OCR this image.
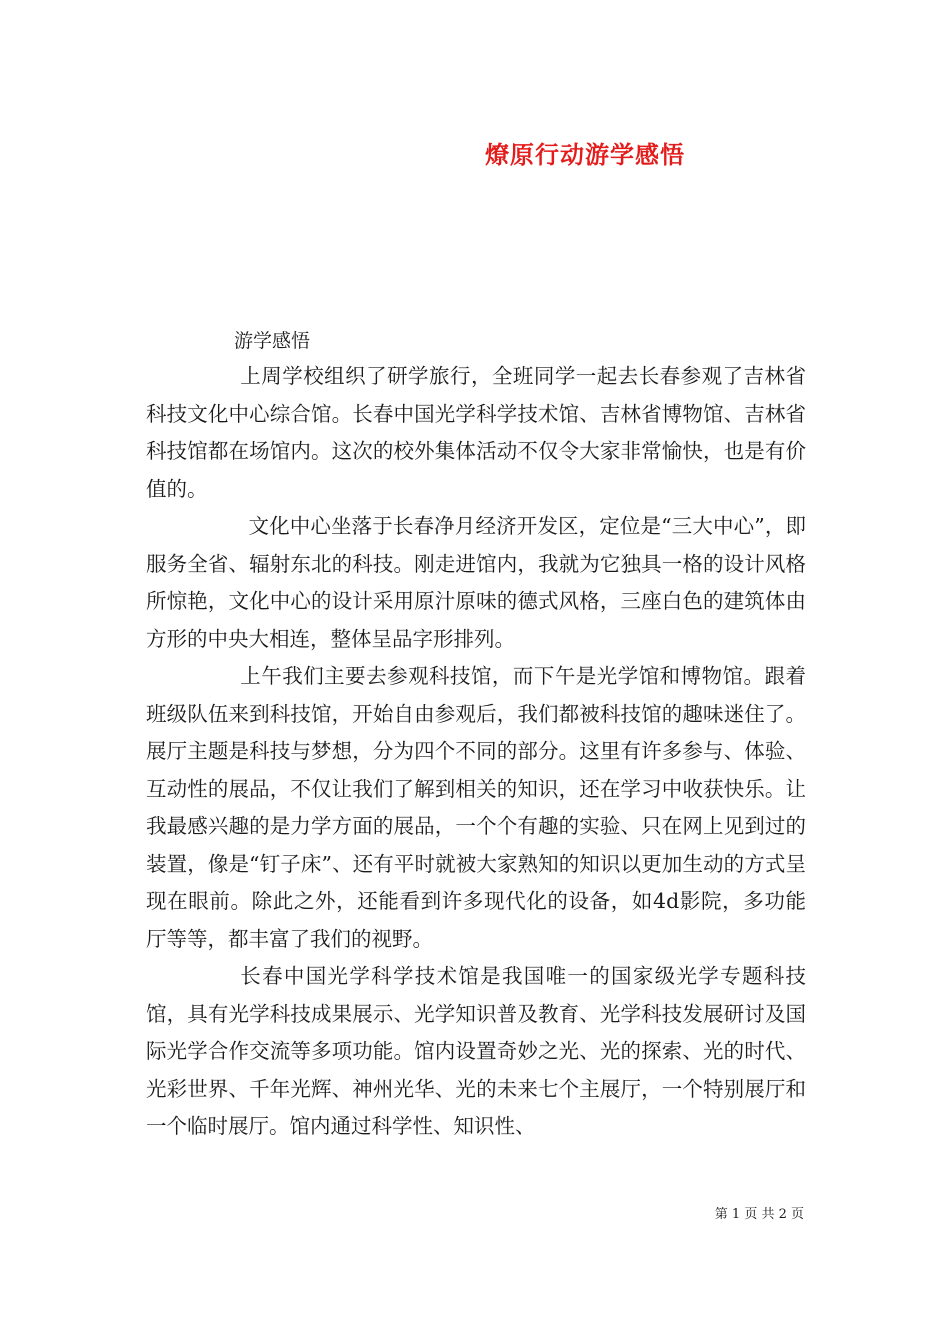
燎原行动游学感悟
游学感悟

上周学校组织了研学旅行，全班同学一起去长春参观了吉林省科技文化中心综合馆。长春中国光学科学技术馆、吉林省博物馆、吉林省科技馆都在场馆内。这次的校外集体活动不仅令大家非常愉快，也是有价值的。

文化中心坐落于长春净月经济开发区，定位是“三大中心”，即服务全省、辐射东北的科技。刚走进馆内，我就为它独具一格的设计风格所惊艳，文化中心的设计采用原汁原味的德式风格，三座白色的建筑体由方形的中央大相连，整体呈品字形排列。

上午我们主要去参观科技馆，而下午是光学馆和博物馆。跟着班级队伍来到科技馆，开始自由参观后，我们都被科技馆的趣味迷住了。展厅主题是科技与梦想，分为四个不同的部分。这里有许多参与、体验、互动性的展品，不仅让我们了解到相关的知识，还在学习中收获快乐。让我最感兴趣的是力学方面的展品，一个个有趣的实验、只在网上见到过的装置，像是“钉子床”、还有平时就被大家熟知的知识以更加生动的方式呈现在眼前。除此之外，还能看到许多现代化的设备，如4d影院，多功能厅等等，都丰富了我们的视野。

长春中国光学科学技术馆是我国唯一的国家级光学专题科技馆，具有光学科技成果展示、光学知识普及教育、光学科技发展研讨及国际光学合作交流等多项功能。馆内设置奇妙之光、光的探索、光的时代、光彩世界、千年光辉、神州光华、光的未来七个主展厅，一个特别展厅和一个临时展厅。馆内通过科学性、知识性、

第 1 页 共 2 页
